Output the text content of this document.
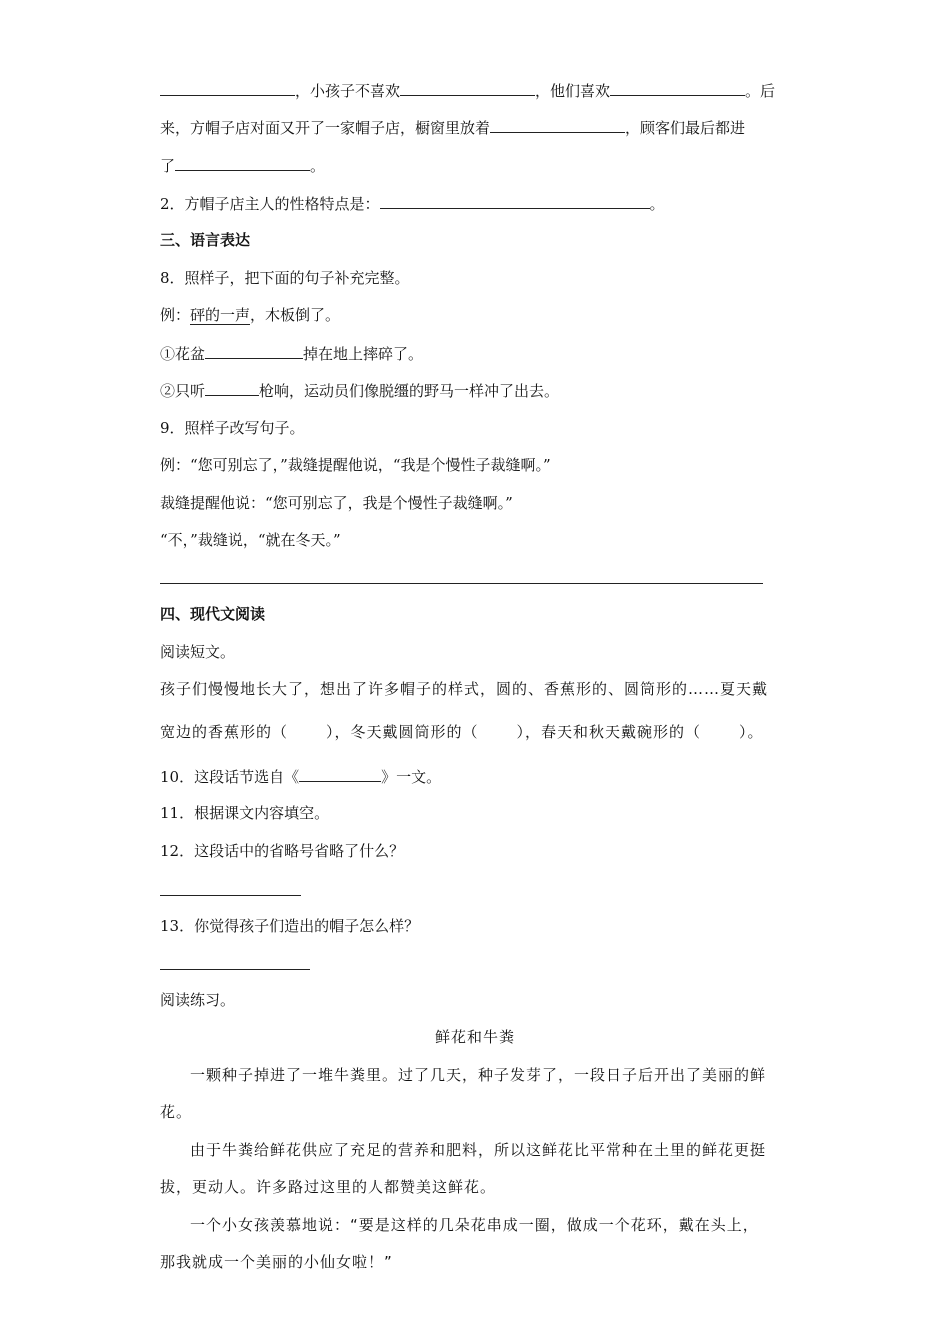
，小孩子不喜欢	，他们喜欢	。后
来，方帽子店对面又开了一家帽子店，橱窗里放着	，顾客们最后都进
了	。
2．方帽子店主人的性格特点是：	。
三、语言表达
8．照样子，把下面的句子补充完整。
例：砰的一声，木板倒了。
①花盆	掉在地上摔碎了。
②只听	枪响，运动员们像脱缰的野马一样冲了出去。
9．照样子改写句子。
例：“您可别忘了，”裁缝提醒他说，“我是个慢性子裁缝啊。”
裁缝提醒他说：“您可别忘了，我是个慢性子裁缝啊。”
“不，”裁缝说，“就在冬天。”
四、现代文阅读
阅读短文。
孩子们慢慢地长大了，想出了许多帽子的样式，圆的、香蕉形的、圆筒形的……夏天戴
宽边的香蕉形的（	），冬天戴圆筒形的（	），春天和秋天戴碗形的（	）。
10．这段话节选自《	》一文。
11．根据课文内容填空。
12．这段话中的省略号省略了什么？
13．你觉得孩子们造出的帽子怎么样？
阅读练习。
鲜花和牛粪
一颗种子掉进了一堆牛粪里。过了几天，种子发芽了，一段日子后开出了美丽的鲜
花。
由于牛粪给鲜花供应了充足的营养和肥料，所以这鲜花比平常种在土里的鲜花更挺
拔，更动人。许多路过这里的人都赞美这鲜花。
一个小女孩羡慕地说：“要是这样的几朵花串成一圈，做成一个花环，戴在头上，
那我就成一个美丽的小仙女啦！”
